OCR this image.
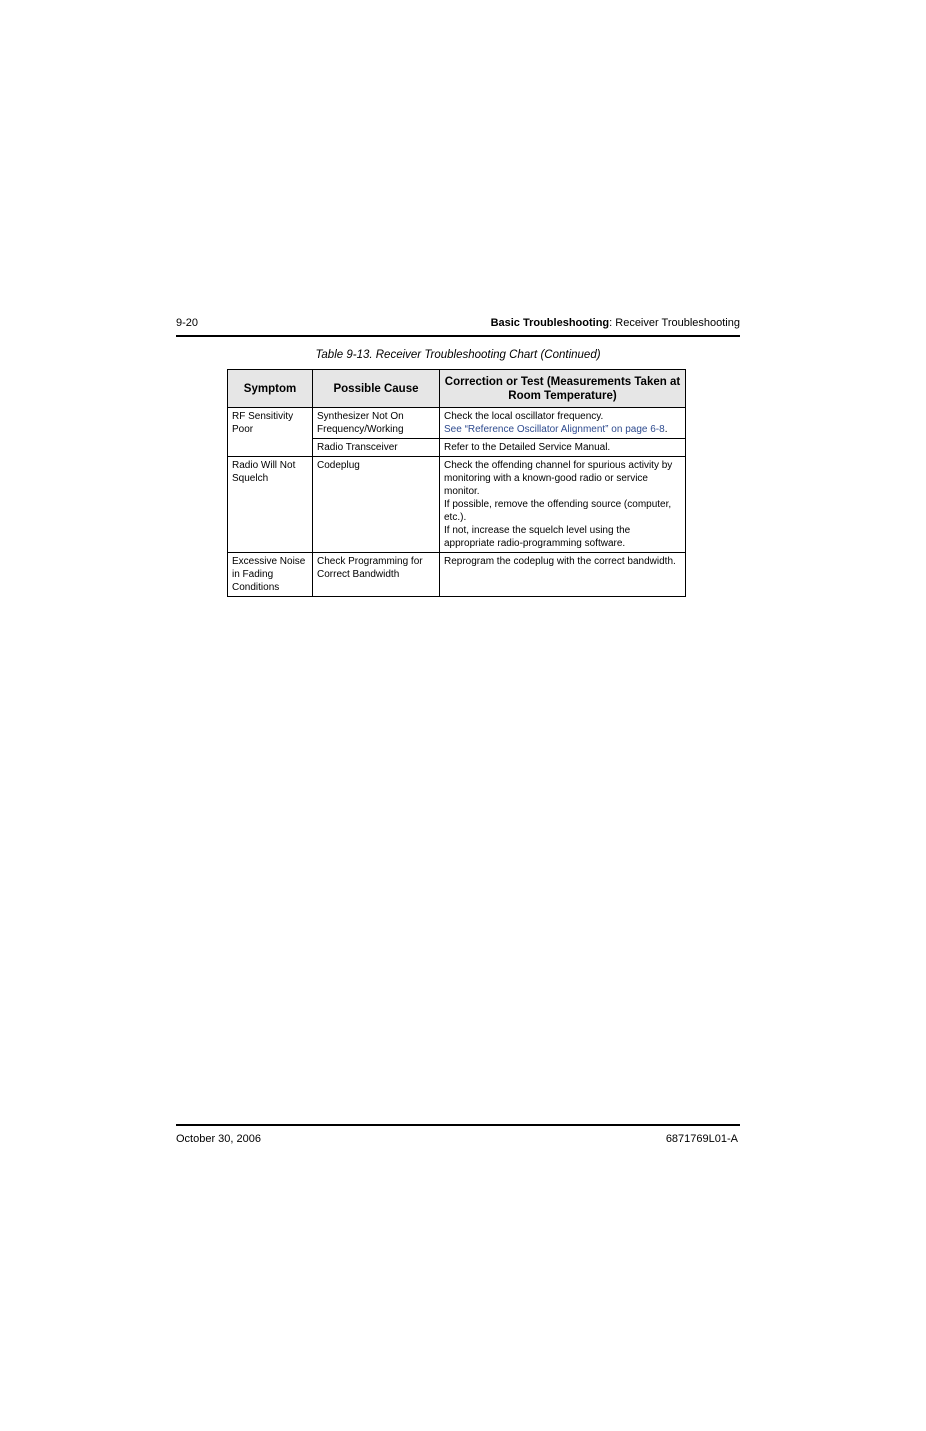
9-20	Basic Troubleshooting: Receiver Troubleshooting
Table 9-13. Receiver Troubleshooting Chart (Continued)
Symptom	Possible Cause	Correction or Test (Measurements Taken at Room Temperature)
RF Sensitivity Poor	Synthesizer Not On Frequency/Working	Check the local oscillator frequency.
See “Reference Oscillator Alignment” on page 6-8.

	Radio Transceiver	Refer to the Detailed Service Manual.
Radio Will Not Squelch	Codeplug	Check the offending channel for spurious activity by monitoring with a known-good radio or service monitor.
If possible, remove the offending source (computer, etc.).
If not, increase the squelch level using the appropriate radio-programming software.

Excessive Noise in Fading Conditions	Check Programming for Correct Bandwidth	Reprogram the codeplug with the correct bandwidth.
October 30, 2006	6871769L01-A
